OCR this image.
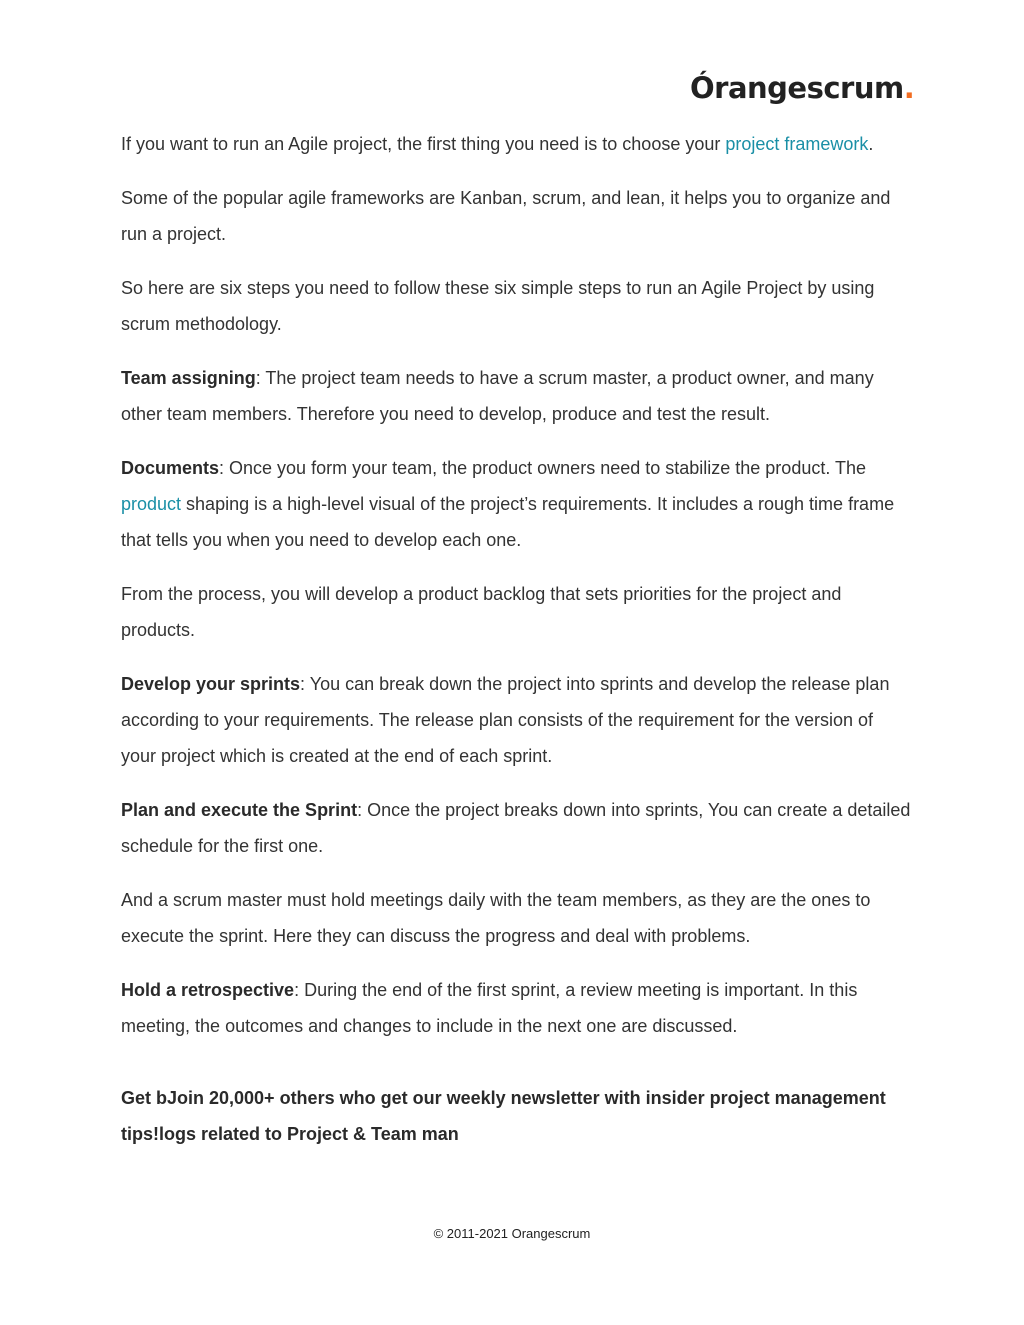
Órangescrum.

If you want to run an Agile project, the first thing you need is to choose your project framework.

Some of the popular agile frameworks are Kanban, scrum, and lean, it helps you to organize and run a project.

So here are six steps you need to follow these six simple steps to run an Agile Project by using scrum methodology.

Team assigning: The project team needs to have a scrum master, a product owner, and many other team members. Therefore you need to develop, produce and test the result.

Documents: Once you form your team, the product owners need to stabilize the product. The product shaping is a high-level visual of the project’s requirements. It includes a rough time frame that tells you when you need to develop each one.

From the process, you will develop a product backlog that sets priorities for the project and products.

Develop your sprints: You can break down the project into sprints and develop the release plan according to your requirements. The release plan consists of the requirement for the version of your project which is created at the end of each sprint.

Plan and execute the Sprint: Once the project breaks down into sprints, You can create a detailed schedule for the first one.

And a scrum master must hold meetings daily with the team members, as they are the ones to execute the sprint. Here they can discuss the progress and deal with problems.

Hold a retrospective: During the end of the first sprint, a review meeting is important. In this meeting, the outcomes and changes to include in the next one are discussed.

Get bJoin 20,000+ others who get our weekly newsletter with insider project management tips!logs related to Project & Team man

© 2011-2021 Orangescrum
